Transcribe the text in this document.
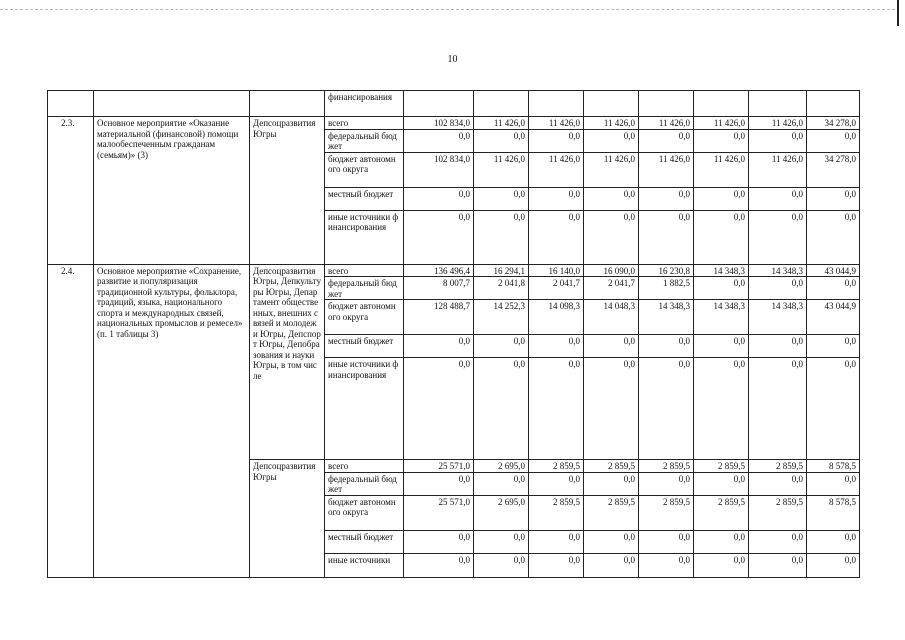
10
			финансирования								
2.3.	Основное мероприятие «Оказание материальной (финансовой) помощи малообеспеченным гражданам (семьям)» (3)	Депсоцразвития Югры	всего	102 834,0	11 426,0	11 426,0	11 426,0	11 426,0	11 426,0	11 426,0	34 278,0
			федеральный бюджет	0,0	0,0	0,0	0,0	0,0	0,0	0,0	0,0
			бюджет автономного округа	102 834,0	11 426,0	11 426,0	11 426,0	11 426,0	11 426,0	11 426,0	34 278,0
			местный бюджет	0,0	0,0	0,0	0,0	0,0	0,0	0,0	0,0
			иные источники финансирования	0,0	0,0	0,0	0,0	0,0	0,0	0,0	0,0
2.4.	Основное мероприятие «Сохранение, развитие и популяризация традиционной культуры, фольклора, традиций, языка, национального спорта и международных связей, национальных промыслов и ремесел» (п. 1 таблицы 3)	Депсоцразвития Югры, Депкультуры Югры, Департамент общественных, внешних связей и молодежи Югры, Депспорт Югры, Депобразования и науки Югры, в том числе	всего	136 496,4	16 294,1	16 140,0	16 090,0	16 230,8	14 348,3	14 348,3	43 044,9
			федеральный бюджет	8 007,7	2 041,8	2 041,7	2 041,7	1 882,5	0,0	0,0	0,0
			бюджет автономного округа	128 488,7	14 252,3	14 098,3	14 048,3	14 348,3	14 348,3	14 348,3	43 044,9
			местный бюджет	0,0	0,0	0,0	0,0	0,0	0,0	0,0	0,0
			иные источники финансирования	0,0	0,0	0,0	0,0	0,0	0,0	0,0	0,0
		Депсоцразвития Югры	всего	25 571,0	2 695,0	2 859,5	2 859,5	2 859,5	2 859,5	2 859,5	8 578,5
			федеральный бюджет	0,0	0,0	0,0	0,0	0,0	0,0	0,0	0,0
			бюджет автономного округа	25 571,0	2 695,0	2 859,5	2 859,5	2 859,5	2 859,5	2 859,5	8 578,5
			местный бюджет	0,0	0,0	0,0	0,0	0,0	0,0	0,0	0,0
			иные источники	0,0	0,0	0,0	0,0	0,0	0,0	0,0	0,0
